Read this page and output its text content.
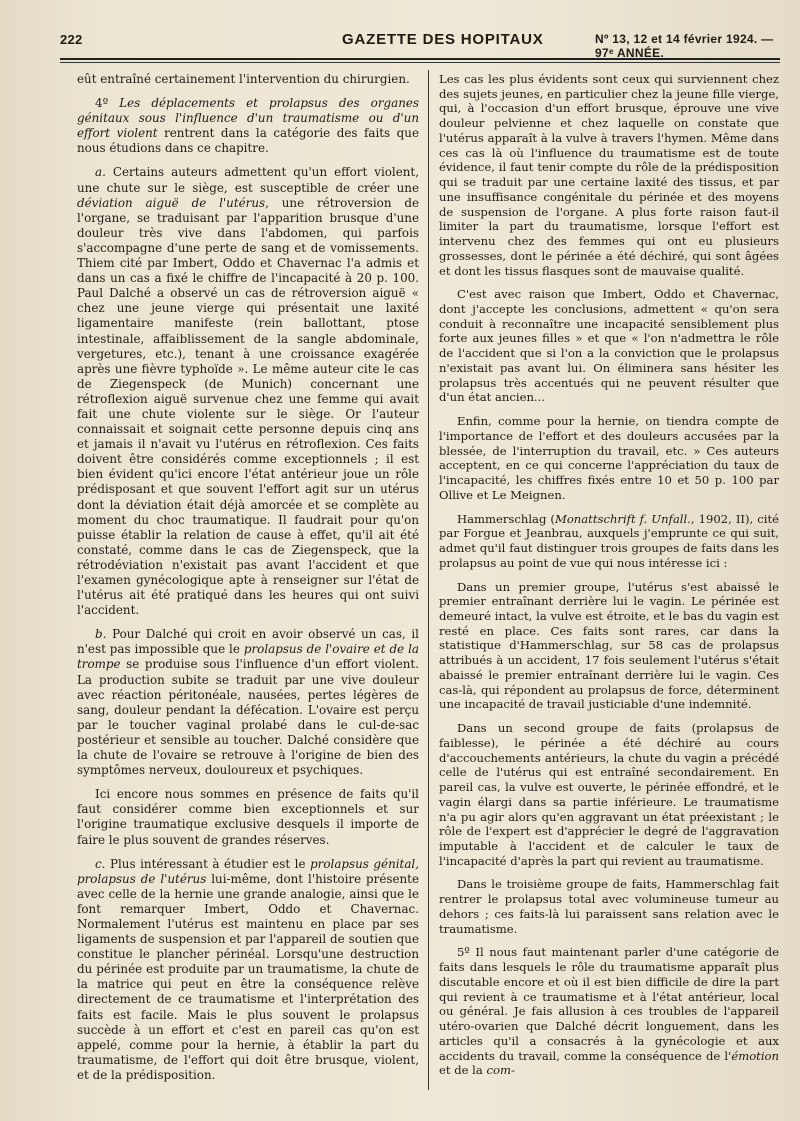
222	GAZETTE DES HOPITAUX	Nº 13, 12 et 14 février 1924. — 97ᵉ ANNÉE.

eût entraîné certainement l'intervention du chirurgien.

4º Les déplacements et prolapsus des organes génitaux sous l'influence d'un traumatisme ou d'un effort violent rentrent dans la catégorie des faits que nous étudions dans ce chapitre.

a. Certains auteurs admettent qu'un effort violent, une chute sur le siège, est susceptible de créer une déviation aiguë de l'utérus, une rétroversion de l'organe, se traduisant par l'apparition brusque d'une douleur très vive dans l'abdomen, qui parfois s'accompagne d'une perte de sang et de vomissements. Thiem cité par Imbert, Oddo et Chavernac l'a admis et dans un cas a fixé le chiffre de l'incapacité à 20 p. 100. Paul Dalché a observé un cas de rétroversion aiguë « chez une jeune vierge qui présentait une laxité ligamentaire manifeste (rein ballottant, ptose intestinale, affaiblissement de la sangle abdominale, vergetures, etc.), tenant à une croissance exagérée après une fièvre typhoïde ». Le même auteur cite le cas de Ziegenspeck (de Munich) concernant une rétroflexion aiguë survenue chez une femme qui avait fait une chute violente sur le siège. Or l'auteur connaissait et soignait cette personne depuis cinq ans et jamais il n'avait vu l'utérus en rétroflexion. Ces faits doivent être considérés comme exceptionnels ; il est bien évident qu'ici encore l'état antérieur joue un rôle prédisposant et que souvent l'effort agit sur un utérus dont la déviation était déjà amorcée et se complète au moment du choc traumatique. Il faudrait pour qu'on puisse établir la relation de cause à effet, qu'il ait été constaté, comme dans le cas de Ziegenspeck, que la rétrodéviation n'existait pas avant l'accident et que l'examen gynécologique apte à renseigner sur l'état de l'utérus ait été pratiqué dans les heures qui ont suivi l'accident.

b. Pour Dalché qui croit en avoir observé un cas, il n'est pas impossible que le prolapsus de l'ovaire et de la trompe se produise sous l'influence d'un effort violent. La production subite se traduit par une vive douleur avec réaction péritonéale, nausées, pertes légères de sang, douleur pendant la défécation. L'ovaire est perçu par le toucher vaginal prolabé dans le cul-de-sac postérieur et sensible au toucher. Dalché considère que la chute de l'ovaire se retrouve à l'origine de bien des symptômes nerveux, douloureux et psychiques.

Ici encore nous sommes en présence de faits qu'il faut considérer comme bien exceptionnels et sur l'origine traumatique exclusive desquels il importe de faire le plus souvent de grandes réserves.

c. Plus intéressant à étudier est le prolapsus génital, prolapsus de l'utérus lui-même, dont l'histoire présente avec celle de la hernie une grande analogie, ainsi que le font remarquer Imbert, Oddo et Chavernac. Normalement l'utérus est maintenu en place par ses ligaments de suspension et par l'appareil de soutien que constitue le plancher périnéal. Lorsqu'une destruction du périnée est produite par un traumatisme, la chute de la matrice qui peut en être la conséquence relève directement de ce traumatisme et l'interprétation des faits est facile. Mais le plus souvent le prolapsus succède à un effort et c'est en pareil cas qu'on est appelé, comme pour la hernie, à établir la part du traumatisme, de l'effort qui doit être brusque, violent, et de la prédisposition.

Les cas les plus évidents sont ceux qui surviennent chez des sujets jeunes, en particulier chez la jeune fille vierge, qui, à l'occasion d'un effort brusque, éprouve une vive douleur pelvienne et chez laquelle on constate que l'utérus apparaît à la vulve à travers l'hymen. Même dans ces cas là où l'influence du traumatisme est de toute évidence, il faut tenir compte du rôle de la prédisposition qui se traduit par une certaine laxité des tissus, et par une insuffisance congénitale du périnée et des moyens de suspension de l'organe. A plus forte raison faut-il limiter la part du traumatisme, lorsque l'effort est intervenu chez des femmes qui ont eu plusieurs grossesses, dont le périnée a été déchiré, qui sont âgées et dont les tissus flasques sont de mauvaise qualité.

C'est avec raison que Imbert, Oddo et Chavernac, dont j'accepte les conclusions, admettent « qu'on sera conduit à reconnaître une incapacité sensiblement plus forte aux jeunes filles » et que « l'on n'admettra le rôle de l'accident que si l'on a la conviction que le prolapsus n'existait pas avant lui. On éliminera sans hésiter les prolapsus très accentués qui ne peuvent résulter que d'un état ancien...

Enfin, comme pour la hernie, on tiendra compte de l'importance de l'effort et des douleurs accusées par la blessée, de l'interruption du travail, etc. » Ces auteurs acceptent, en ce qui concerne l'appréciation du taux de l'incapacité, les chiffres fixés entre 10 et 50 p. 100 par Ollive et Le Meignen.

Hammerschlag (Monattschrift f. Unfall., 1902, II), cité par Forgue et Jeanbrau, auxquels j'emprunte ce qui suit, admet qu'il faut distinguer trois groupes de faits dans les prolapsus au point de vue qui nous intéresse ici :

Dans un premier groupe, l'utérus s'est abaissé le premier entraînant derrière lui le vagin. Le périnée est demeuré intact, la vulve est étroite, et le bas du vagin est resté en place. Ces faits sont rares, car dans la statistique d'Hammerschlag, sur 58 cas de prolapsus attribués à un accident, 17 fois seulement l'utérus s'était abaissé le premier entraînant derrière lui le vagin. Ces cas-là, qui répondent au prolapsus de force, déterminent une incapacité de travail justiciable d'une indemnité.

Dans un second groupe de faits (prolapsus de faiblesse), le périnée a été déchiré au cours d'accouchements antérieurs, la chute du vagin a précédé celle de l'utérus qui est entraîné secondairement. En pareil cas, la vulve est ouverte, le périnée effondré, et le vagin élargi dans sa partie inférieure. Le traumatisme n'a pu agir alors qu'en aggravant un état préexistant ; le rôle de l'expert est d'apprécier le degré de l'aggravation imputable à l'accident et de calculer le taux de l'incapacité d'après la part qui revient au traumatisme.

Dans le troisième groupe de faits, Hammerschlag fait rentrer le prolapsus total avec volumineuse tumeur au dehors ; ces faits-là lui paraissent sans relation avec le traumatisme.

5º Il nous faut maintenant parler d'une catégorie de faits dans lesquels le rôle du traumatisme apparaît plus discutable encore et où il est bien difficile de dire la part qui revient à ce traumatisme et à l'état antérieur, local ou général. Je fais allusion à ces troubles de l'appareil utéro-ovarien que Dalché décrit longuement, dans les articles qu'il a consacrés à la gynécologie et aux accidents du travail, comme la conséquence de l'émotion et de la com-
